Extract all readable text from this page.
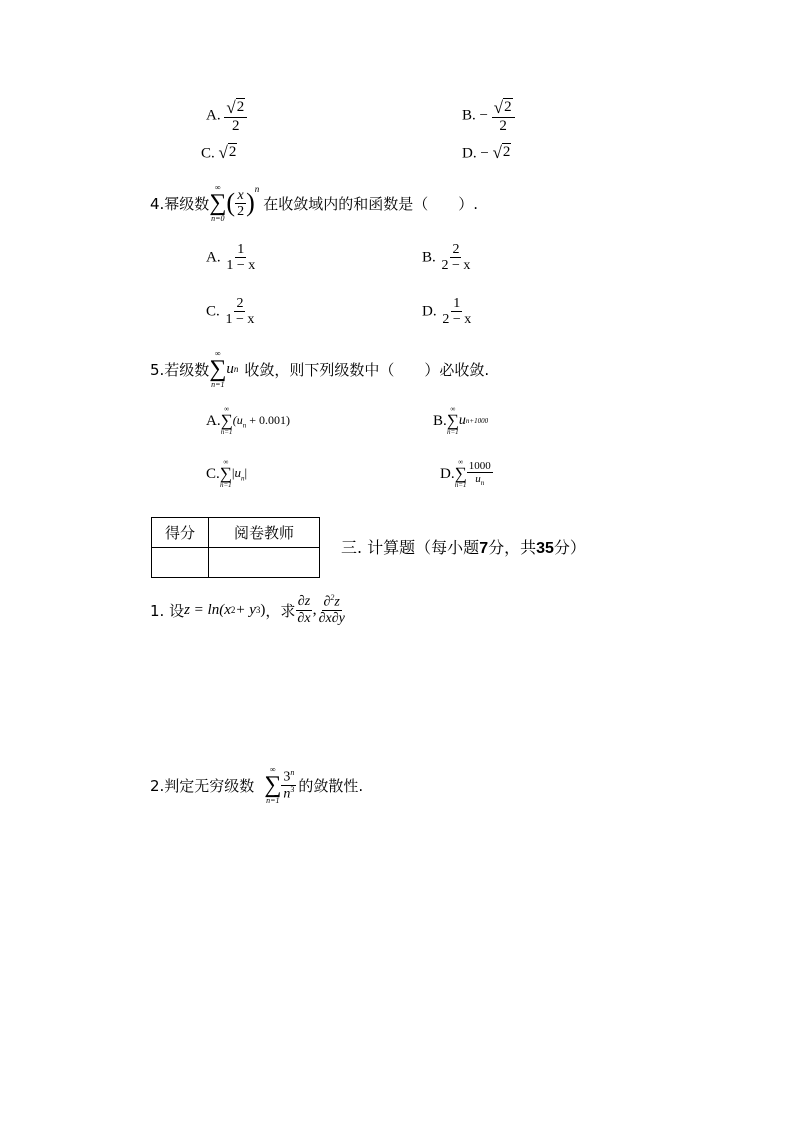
A. $\frac{√ 2}{2}$	B. − $\frac{√ 2}{2}$
C. √ 2	D. − √ 2
4.幂级数
∞
∑
n=0
( $\frac{x}{2}$ ) n
在收敛域内的和函数是（　　）.
A. $\frac{1}{1 - x}$	B. $\frac{2}{2 - x}$
C. $\frac{2}{1 - x}$	D. $\frac{1}{2 - x}$
5.若级数
∞
∑
n=1
u n 收敛，则下列级数中（　　）必收敛.
A.
∞
∑
n=1
$(u_n + 0.001)$	B.
∞
∑
n=1
u n+1000
C.
∞
∑
n=1
$|u_n|$	D.
∞
∑
$n=1 \frac{1000}{u_n}$
得分	阅卷教师

三. 计算题（每小题7分，共35分）
1. 设 z = ln(x 2 + y 3 ) ，求 $\frac{\partial z}{\partial x}$ , $\frac{\partial^2z}{\partial x\partial y}$
2.判定无穷级数
∞
∑
$n=1 \frac{3^n}{n^3}$ 的敛散性.
